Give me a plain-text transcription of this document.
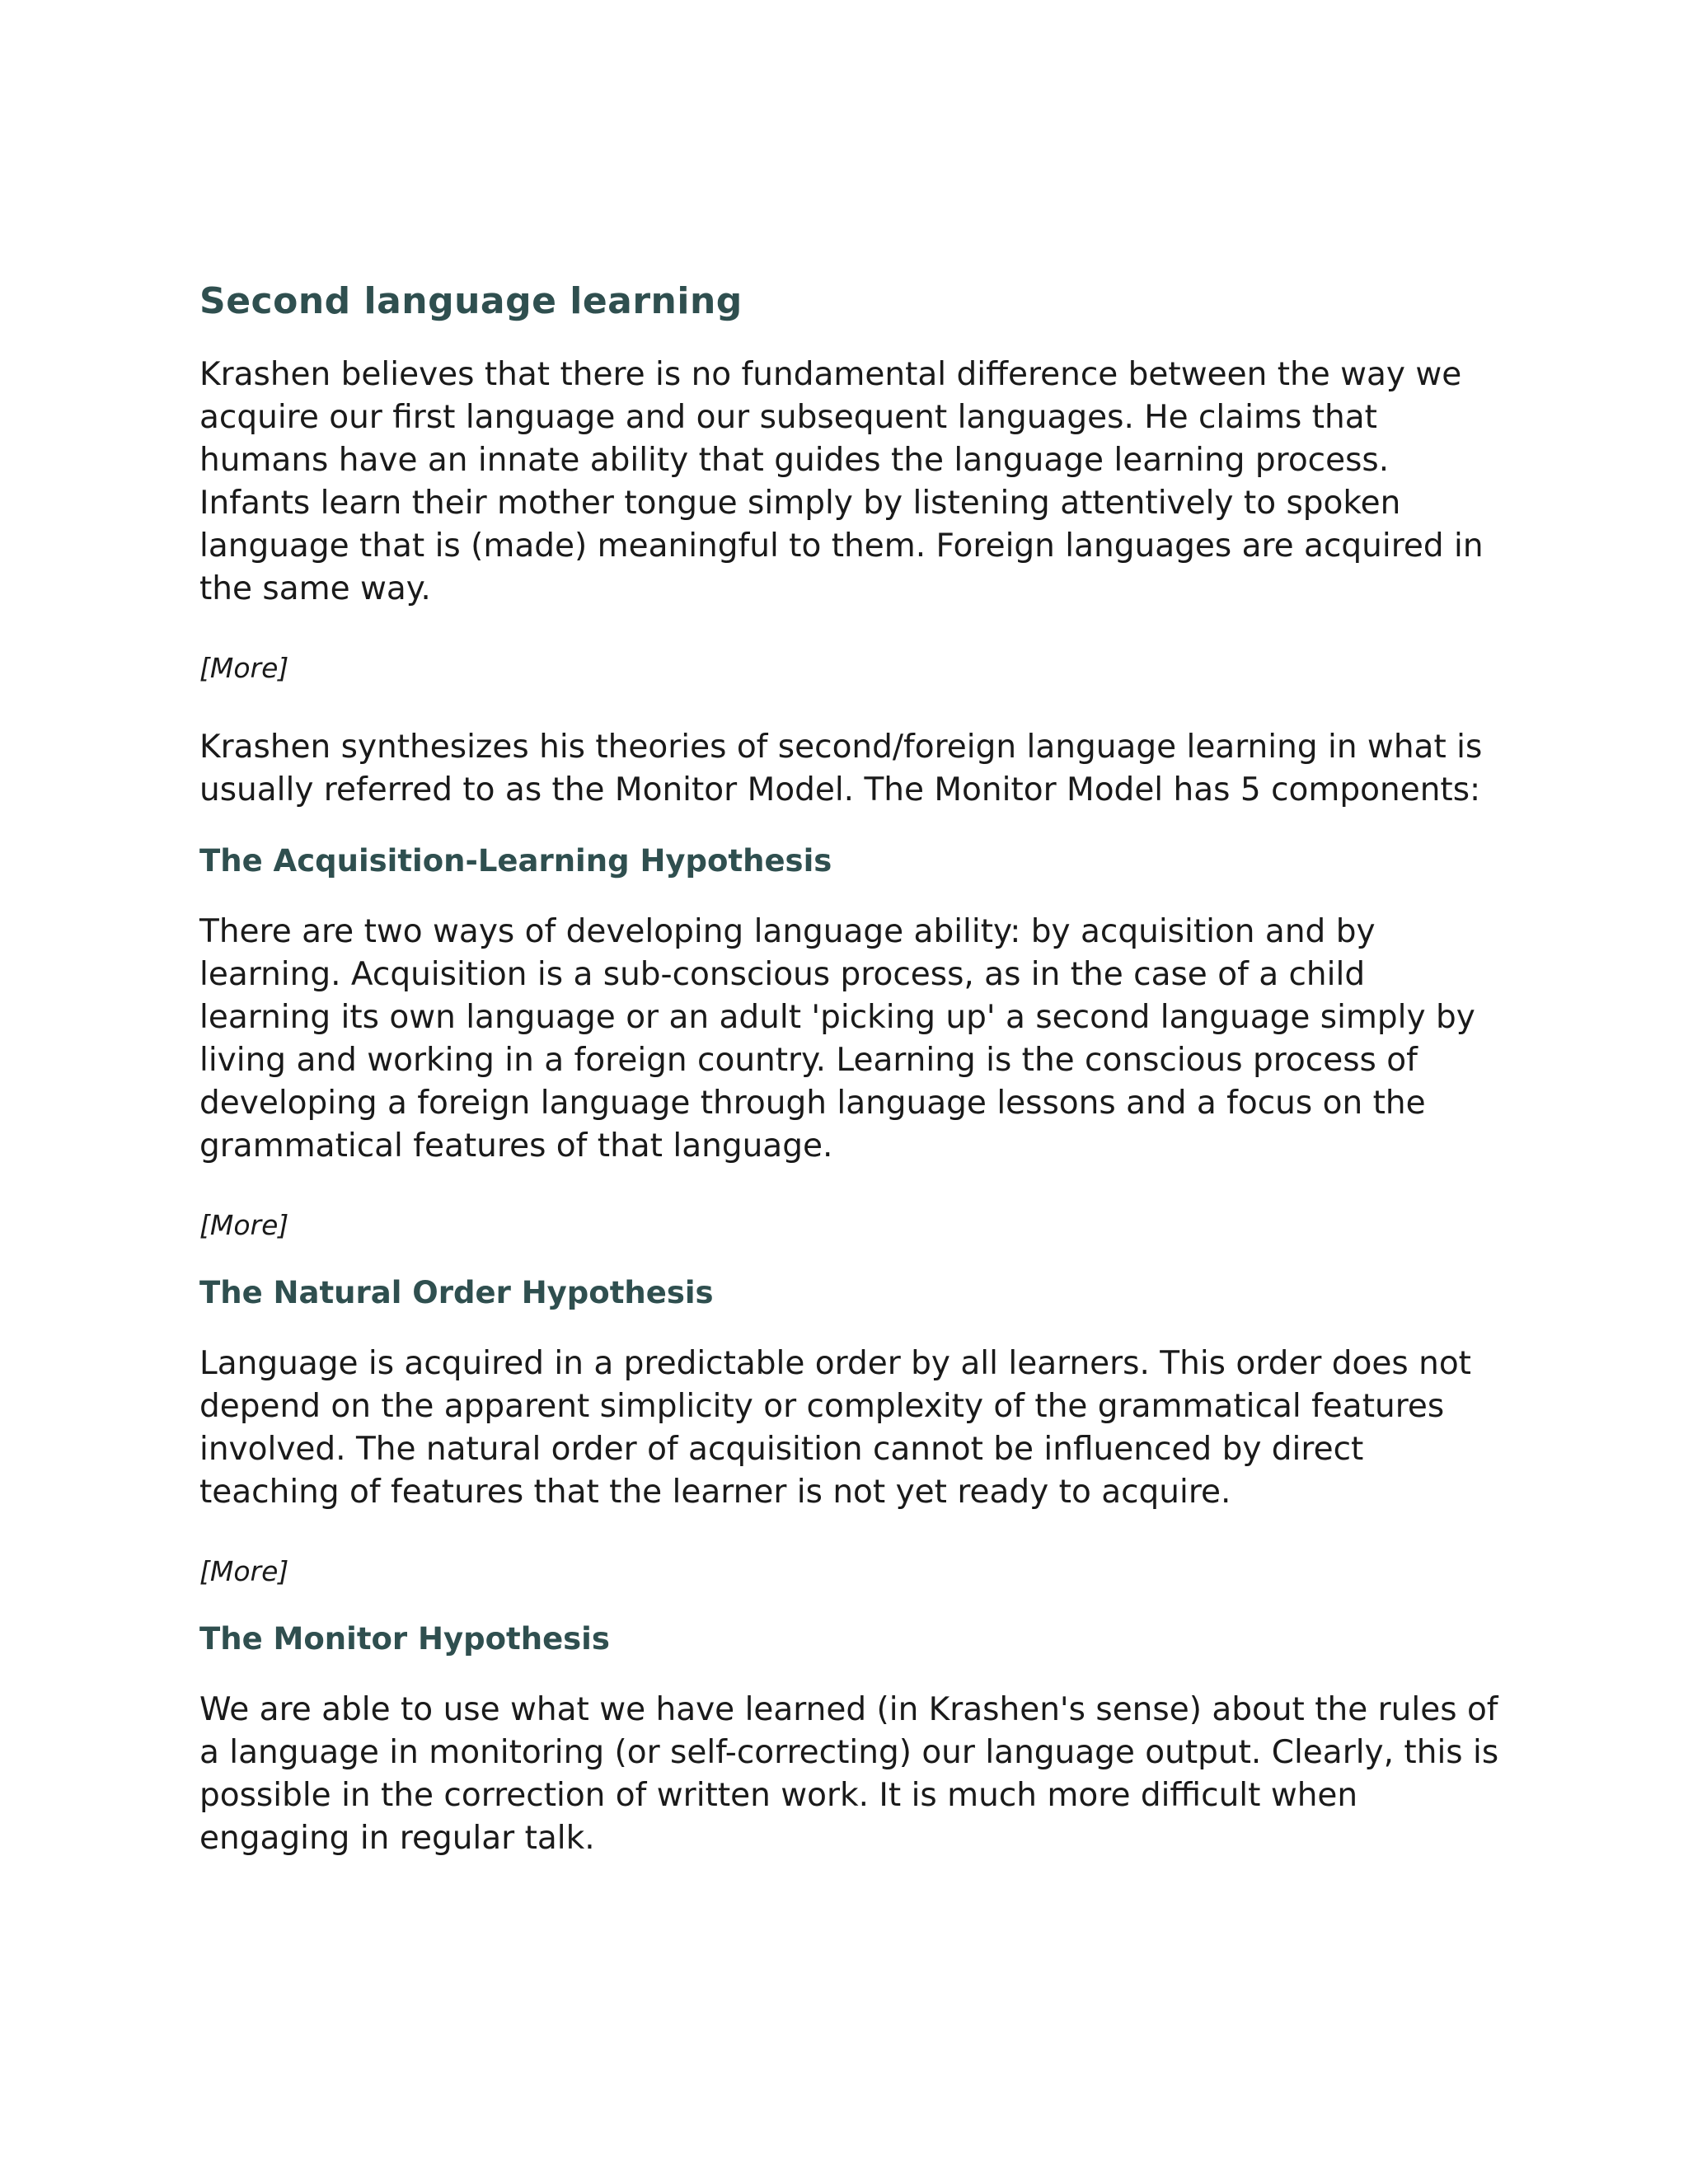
Second language learning

Krashen believes that there is no fundamental difference between the way we acquire our first language and our subsequent languages. He claims that humans have an innate ability that guides the language learning process. Infants learn their mother tongue simply by listening attentively to spoken language that is (made) meaningful to them. Foreign languages are acquired in the same way.

[More]

Krashen synthesizes his theories of second/foreign language learning in what is usually referred to as the Monitor Model. The Monitor Model has 5 components:

The Acquisition-Learning Hypothesis

There are two ways of developing language ability: by acquisition and by learning. Acquisition is a sub-conscious process, as in the case of a child learning its own language or an adult 'picking up' a second language simply by living and working in a foreign country. Learning is the conscious process of developing a foreign language through language lessons and a focus on the grammatical features of that language.

[More]

The Natural Order Hypothesis

Language is acquired in a predictable order by all learners. This order does not depend on the apparent simplicity or complexity of the grammatical features involved. The natural order of acquisition cannot be influenced by direct teaching of features that the learner is not yet ready to acquire.

[More]

The Monitor Hypothesis

We are able to use what we have learned (in Krashen's sense) about the rules of a language in monitoring (or self-correcting) our language output. Clearly, this is possible in the correction of written work. It is much more difficult when engaging in regular talk.
